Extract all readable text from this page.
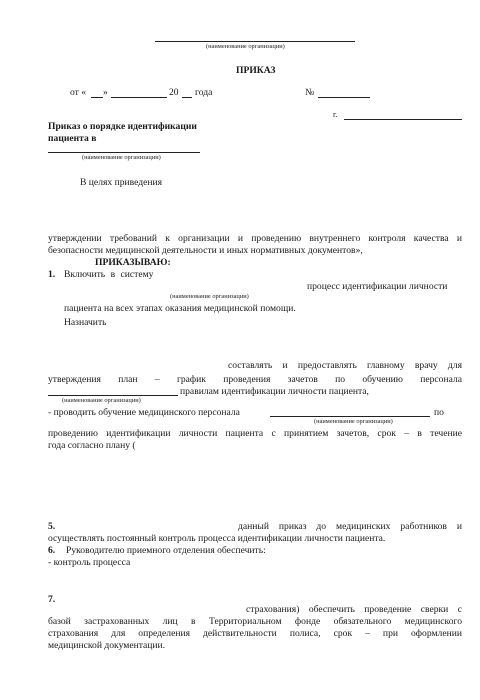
(наименование организации)
ПРИКАЗ
от « »	20 года	№
г.
Приказ о порядке идентификации
пациента в
(наименование организации)
В целях приведения
утверждении требований к организации и проведению внутреннего контроля качества и
безопасности медицинской деятельности и иных нормативных документов»,
ПРИКАЗЫВАЮ:
1. Включить в систему
процесс идентификации личности
(наименование организации)
пациента на всех этапах оказания медицинской помощи.
Назначить
составлять и предоставлять главному врачу для
утверждения план – график проведения зачетов по обучению персонала
правилам идентификации личности пациента,
(наименование организации)
- проводить обучение медицинского персонала	по
(наименование организации)
проведению идентификации личности пациента с принятием зачетов, срок – в течение
года согласно плану (
5.	данный приказ до медицинских работников и
осуществлять постоянный контроль процесса идентификации личности пациента.
6. Руководителю приемного отделения обеспечить:
- контроль процесса
7.
страхования) обеспечить проведение сверки с
базой застрахованных лиц в Территориальном фонде обязательного медицинского
страхования для определения действительности полиса, срок – при оформлении
медицинской документации.
